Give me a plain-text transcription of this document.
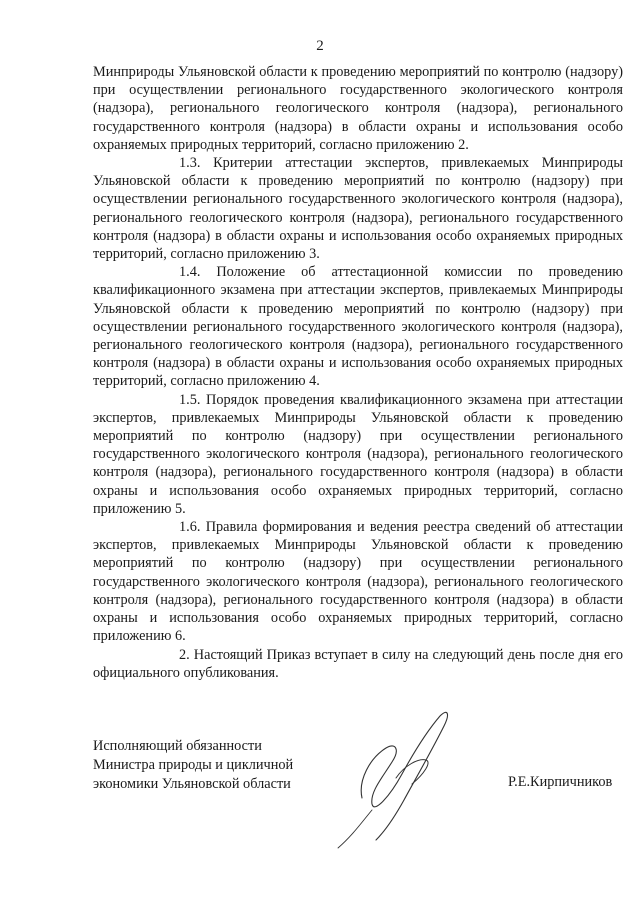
2

Минприроды Ульяновской области к проведению мероприятий по контролю (надзору) при осуществлении регионального государственного экологического контроля (надзора), регионального геологического контроля (надзора), регионального государственного контроля (надзора) в области охраны и использования особо охраняемых природных территорий, согласно приложению 2.

1.3. Критерии аттестации экспертов, привлекаемых Минприроды Ульяновской области к проведению мероприятий по контролю (надзору) при осуществлении регионального государственного экологического контроля (надзора), регионального геологического контроля (надзора), регионального государственного контроля (надзора) в области охраны и использования особо охраняемых природных территорий, согласно приложению 3.

1.4. Положение об аттестационной комиссии по проведению квалификационного экзамена при аттестации экспертов, привлекаемых Минприроды Ульяновской области к проведению мероприятий по контролю (надзору) при осуществлении регионального государственного экологического контроля (надзора), регионального геологического контроля (надзора), регионального государственного контроля (надзора) в области охраны и использования особо охраняемых природных территорий, согласно приложению 4.

1.5. Порядок проведения квалификационного экзамена при аттестации экспертов, привлекаемых Минприроды Ульяновской области к проведению мероприятий по контролю (надзору) при осуществлении регионального государственного экологического контроля (надзора), регионального геологического контроля (надзора), регионального государственного контроля (надзора) в области охраны и использования особо охраняемых природных территорий, согласно приложению 5.

1.6. Правила формирования и ведения реестра сведений об аттестации экспертов, привлекаемых Минприроды Ульяновской области к проведению мероприятий по контролю (надзору) при осуществлении регионального государственного экологического контроля (надзора), регионального геологического контроля (надзора), регионального государственного контроля (надзора) в области охраны и использования особо охраняемых природных территорий, согласно приложению 6.

2. Настоящий Приказ вступает в силу на следующий день после дня его официального опубликования.

Исполняющий обязанности
Министра природы и цикличной
экономики Ульяновской области	Р.Е.Кирпичников
